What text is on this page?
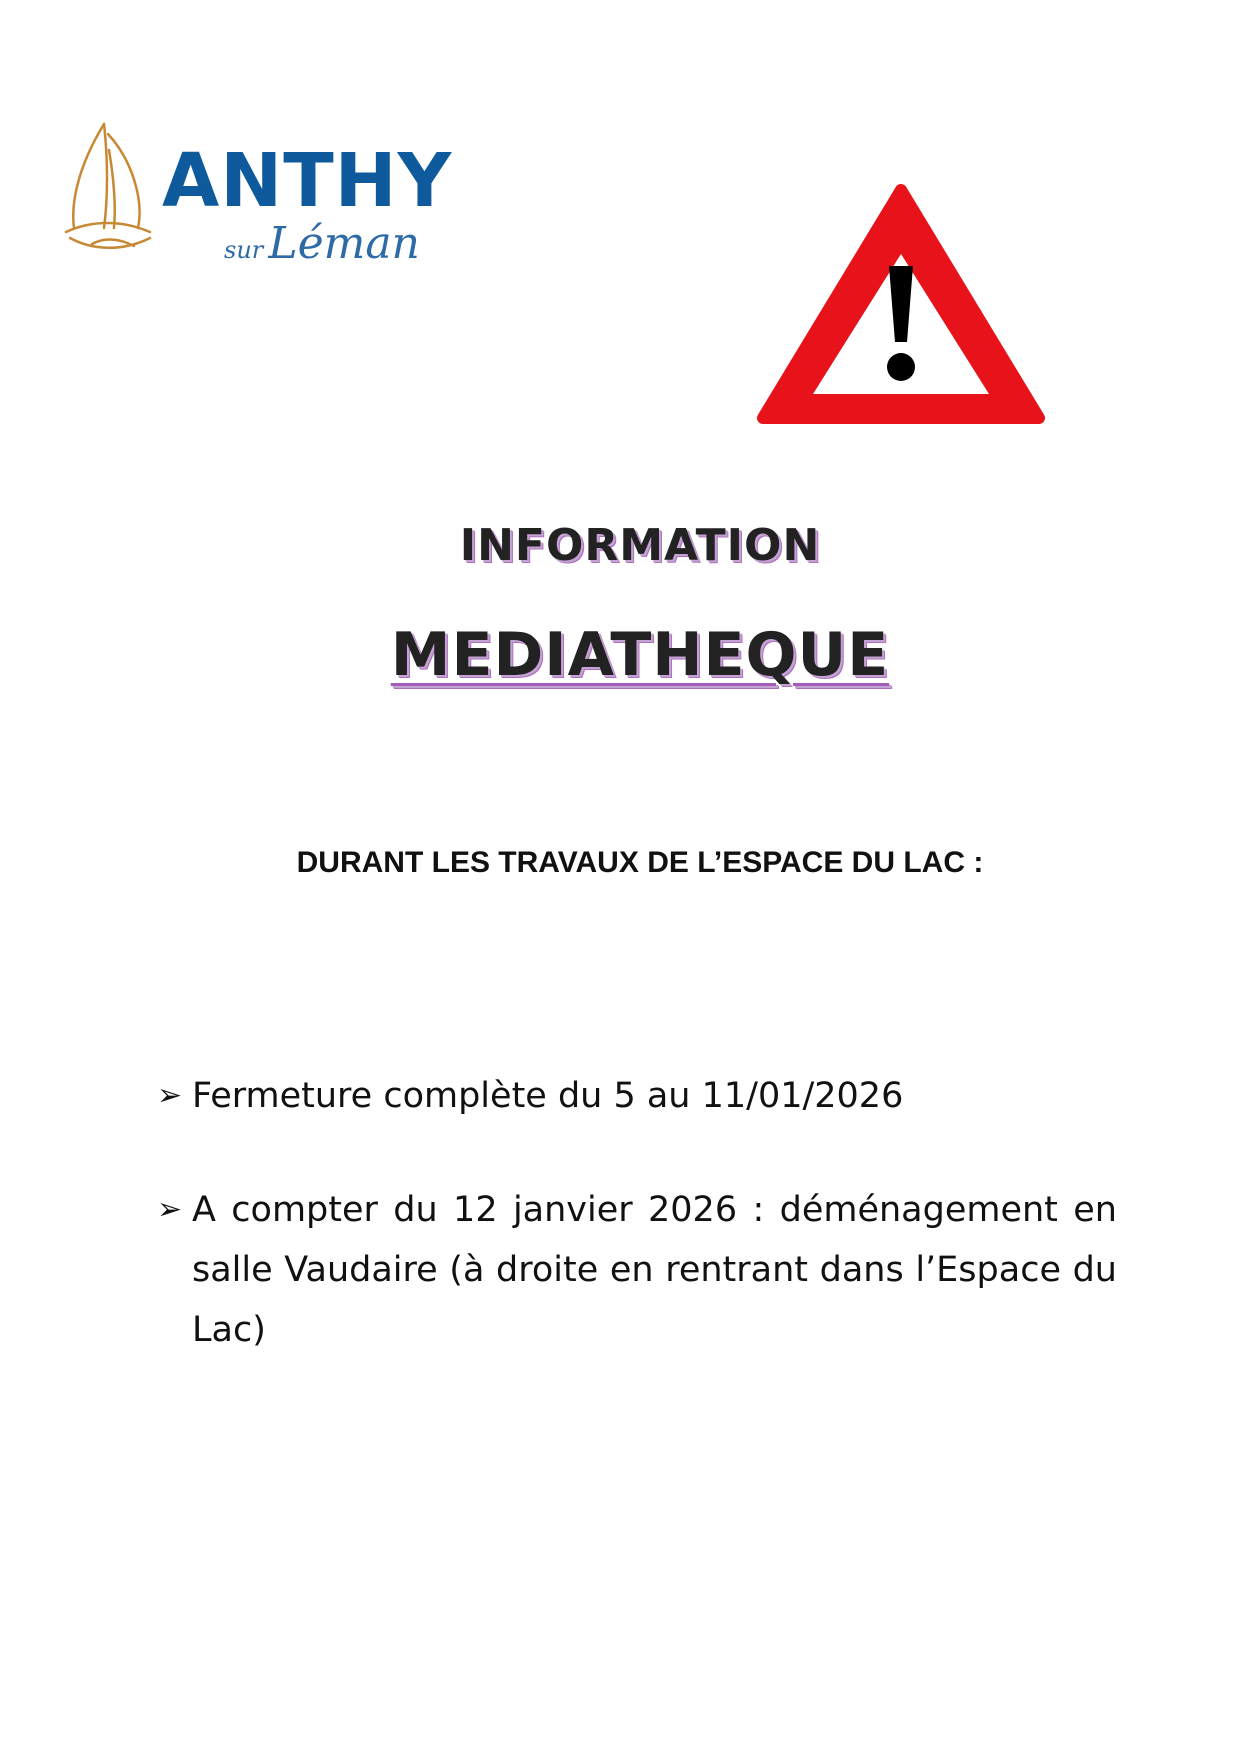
ANTHY
sur Léman
INFORMATION
MEDIATHEQUE
DURANT LES TRAVAUX DE L’ESPACE DU LAC :
➢ Fermeture complète du 5 au 11/01/2026
➢ A compter du 12 janvier 2026 : déménagement en salle Vaudaire (à droite en rentrant dans l’Espace du Lac)
